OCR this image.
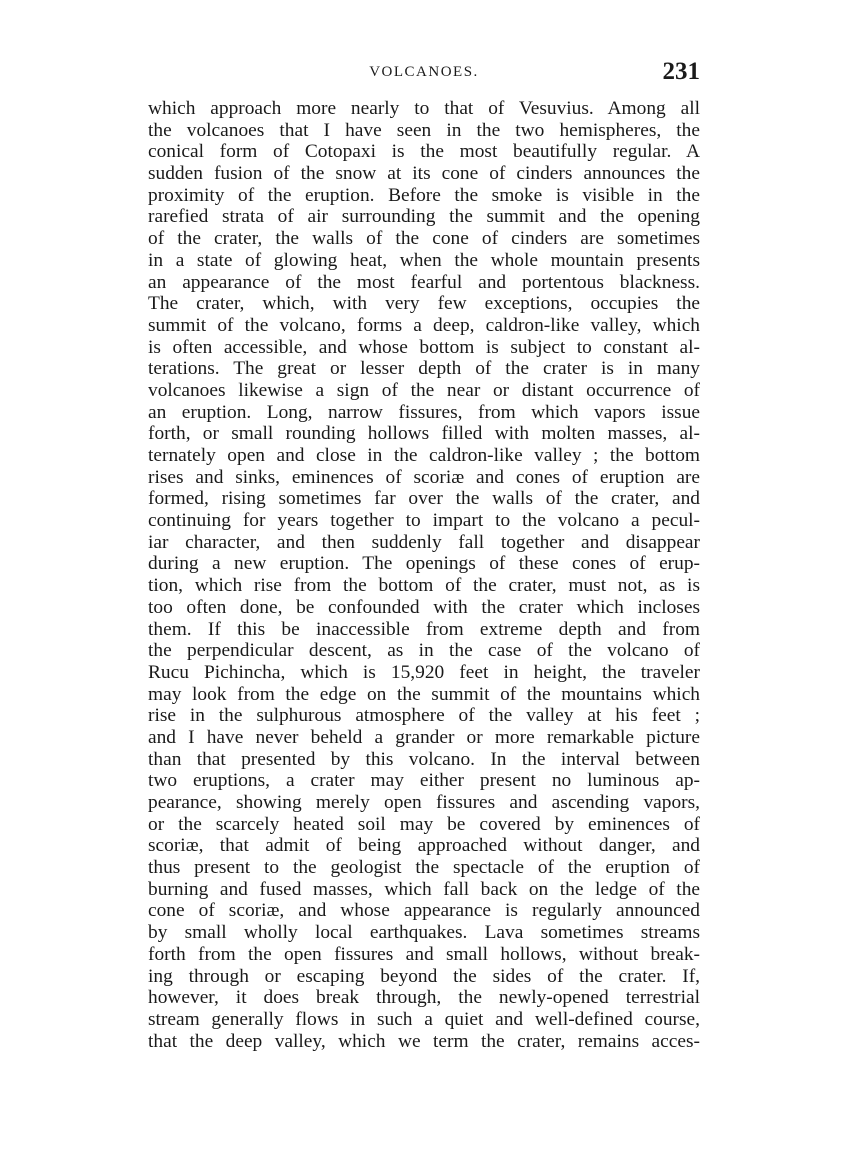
VOLCANOES.	231
which approach more nearly to that of Vesuvius. Among all
the volcanoes that I have seen in the two hemispheres, the
conical form of Cotopaxi is the most beautifully regular. A
sudden fusion of the snow at its cone of cinders announces the
proximity of the eruption. Before the smoke is visible in the
rarefied strata of air surrounding the summit and the opening
of the crater, the walls of the cone of cinders are sometimes
in a state of glowing heat, when the whole mountain presents
an appearance of the most fearful and portentous blackness.
The crater, which, with very few exceptions, occupies the
summit of the volcano, forms a deep, caldron-like valley, which
is often accessible, and whose bottom is subject to constant al-
terations. The great or lesser depth of the crater is in many
volcanoes likewise a sign of the near or distant occurrence of
an eruption. Long, narrow fissures, from which vapors issue
forth, or small rounding hollows filled with molten masses, al-
ternately open and close in the caldron-like valley ; the bottom
rises and sinks, eminences of scoriæ and cones of eruption are
formed, rising sometimes far over the walls of the crater, and
continuing for years together to impart to the volcano a pecul-
iar character, and then suddenly fall together and disappear
during a new eruption. The openings of these cones of erup-
tion, which rise from the bottom of the crater, must not, as is
too often done, be confounded with the crater which incloses
them. If this be inaccessible from extreme depth and from
the perpendicular descent, as in the case of the volcano of
Rucu Pichincha, which is 15,920 feet in height, the traveler
may look from the edge on the summit of the mountains which
rise in the sulphurous atmosphere of the valley at his feet ;
and I have never beheld a grander or more remarkable picture
than that presented by this volcano. In the interval between
two eruptions, a crater may either present no luminous ap-
pearance, showing merely open fissures and ascending vapors,
or the scarcely heated soil may be covered by eminences of
scoriæ, that admit of being approached without danger, and
thus present to the geologist the spectacle of the eruption of
burning and fused masses, which fall back on the ledge of the
cone of scoriæ, and whose appearance is regularly announced
by small wholly local earthquakes. Lava sometimes streams
forth from the open fissures and small hollows, without break-
ing through or escaping beyond the sides of the crater. If,
however, it does break through, the newly-opened terrestrial
stream generally flows in such a quiet and well-defined course,
that the deep valley, which we term the crater, remains acces-
